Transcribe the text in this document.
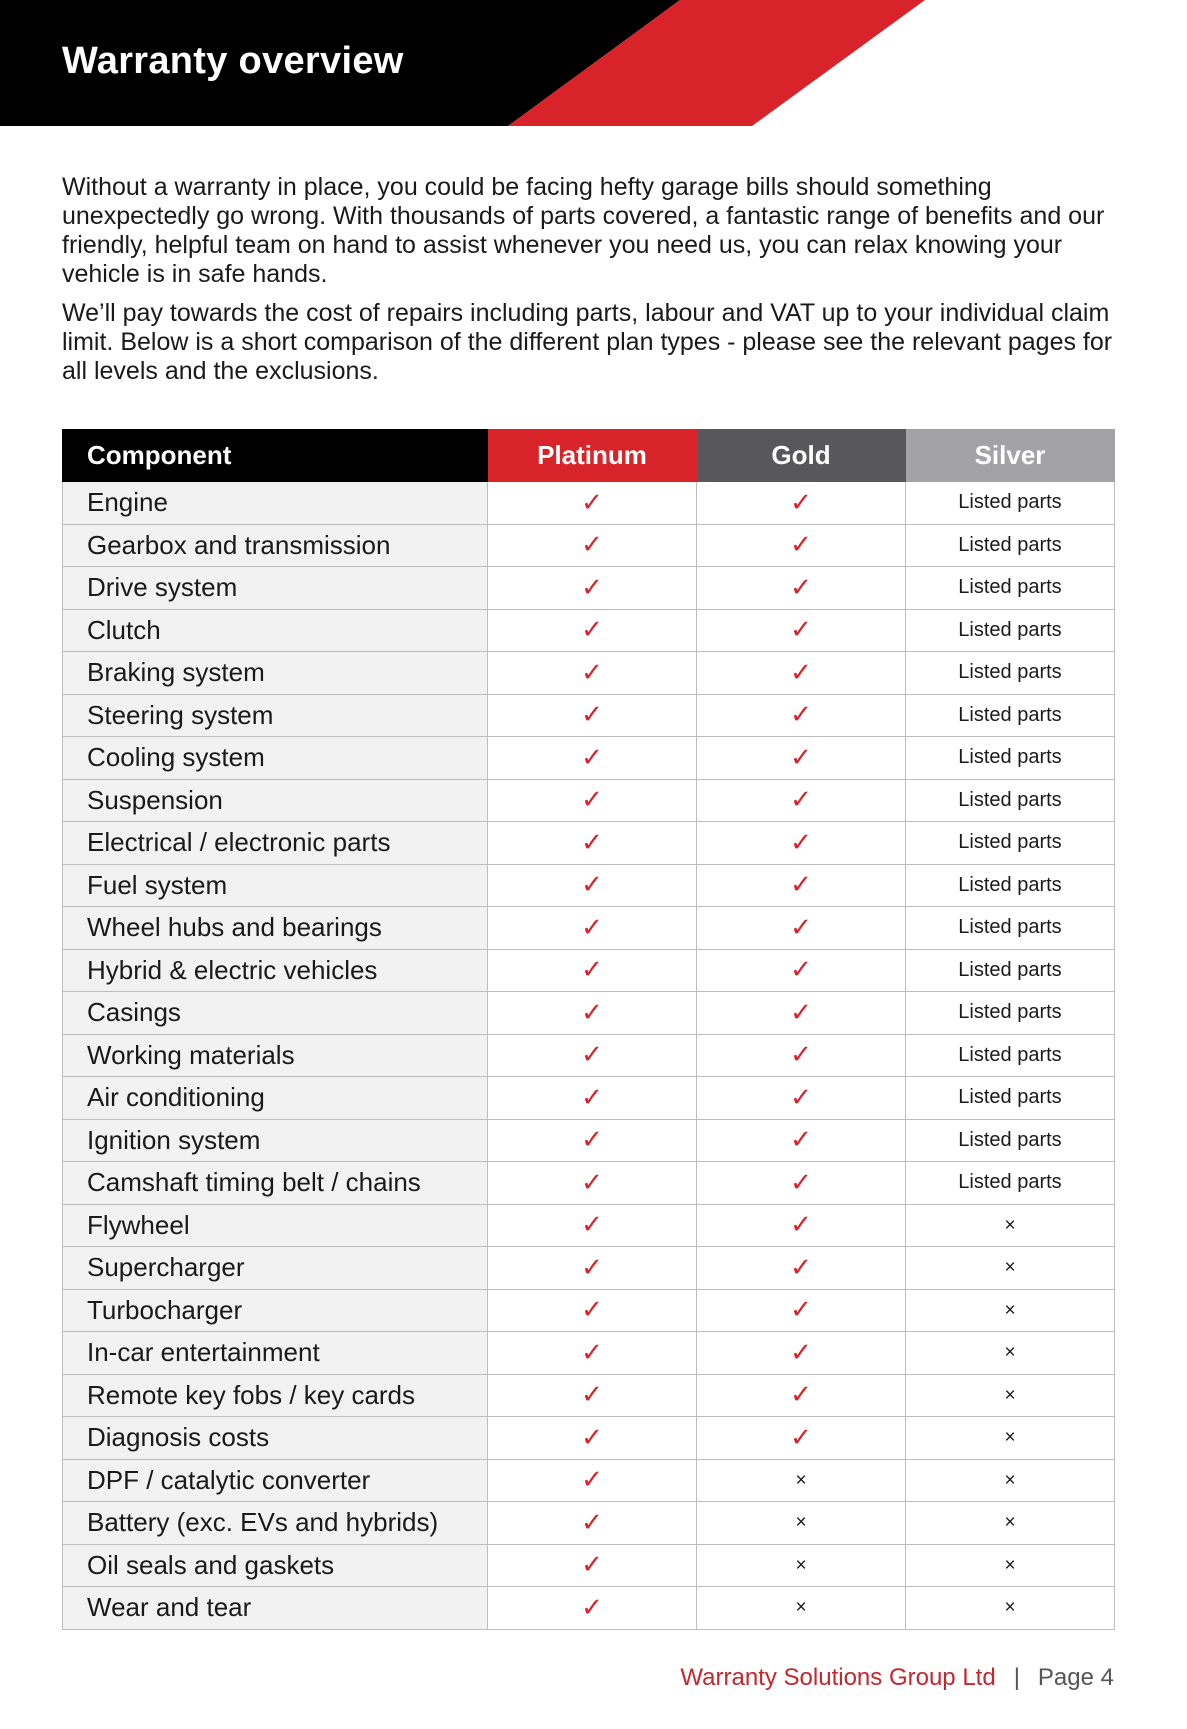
Warranty overview

Without a warranty in place, you could be facing hefty garage bills should something unexpectedly go wrong. With thousands of parts covered, a fantastic range of benefits and our friendly, helpful team on hand to assist whenever you need us, you can relax knowing your vehicle is in safe hands.

We’ll pay towards the cost of repairs including parts, labour and VAT up to your individual claim limit. Below is a short comparison of the different plan types - please see the relevant pages for all levels and the exclusions.

Component	Platinum	Gold	Silver
Engine	✓	✓	Listed parts
Gearbox and transmission	✓	✓	Listed parts
Drive system	✓	✓	Listed parts
Clutch	✓	✓	Listed parts
Braking system	✓	✓	Listed parts
Steering system	✓	✓	Listed parts
Cooling system	✓	✓	Listed parts
Suspension	✓	✓	Listed parts
Electrical / electronic parts	✓	✓	Listed parts
Fuel system	✓	✓	Listed parts
Wheel hubs and bearings	✓	✓	Listed parts
Hybrid & electric vehicles	✓	✓	Listed parts
Casings	✓	✓	Listed parts
Working materials	✓	✓	Listed parts
Air conditioning	✓	✓	Listed parts
Ignition system	✓	✓	Listed parts
Camshaft timing belt / chains	✓	✓	Listed parts
Flywheel	✓	✓	×
Supercharger	✓	✓	×
Turbocharger	✓	✓	×
In-car entertainment	✓	✓	×
Remote key fobs / key cards	✓	✓	×
Diagnosis costs	✓	✓	×
DPF / catalytic converter	✓	×	×
Battery (exc. EVs and hybrids)	✓	×	×
Oil seals and gaskets	✓	×	×
Wear and tear	✓	×	×
Warranty Solutions Group Ltd | Page 4
